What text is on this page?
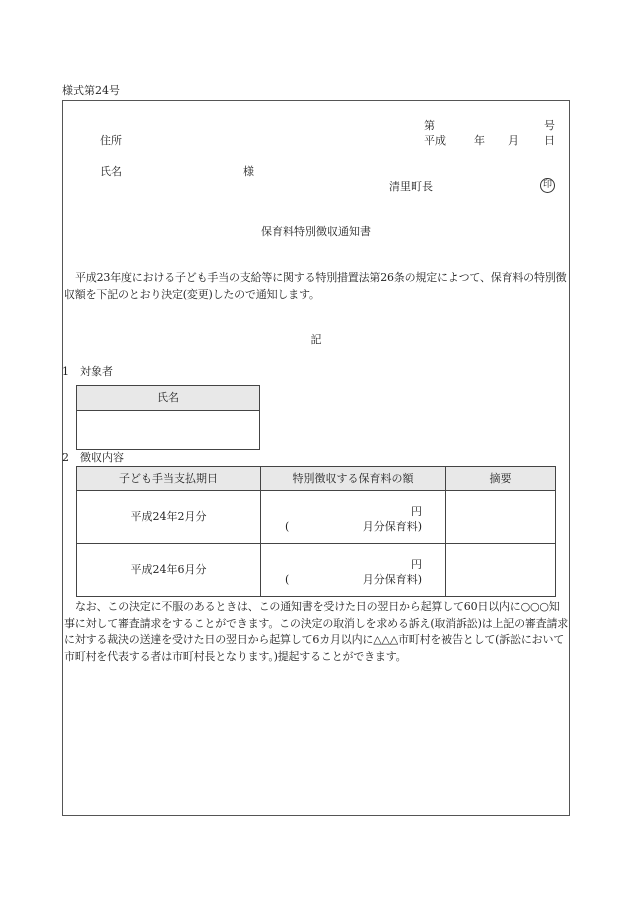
様式第24号
第	号
住所	平成	年 月 日
氏名	様
清里町長	印
保育料特別徴収通知書

平成23年度における子ども手当の支給等に関する特別措置法第26条の規定によつて、保育料の特別徴収額を下記のとおり決定(変更)したので通知します。

記
1　対象者
氏名

2　徴収内容
子ども手当支払期日	特別徴収する保育料の額	摘要
平成24年2月分	円
( 月分保育料)	

平成24年6月分	円
( 月分保育料)	

なお、この決定に不服のあるときは、この通知書を受けた日の翌日から起算して60日以内に○○○知事に対して審査請求をすることができます。この決定の取消しを求める訴え(取消訴訟)は上記の審査請求に対する裁決の送達を受けた日の翌日から起算して6カ月以内に△△△市町村を被告として(訴訟において市町村を代表する者は市町村長となります。)提起することができます。
